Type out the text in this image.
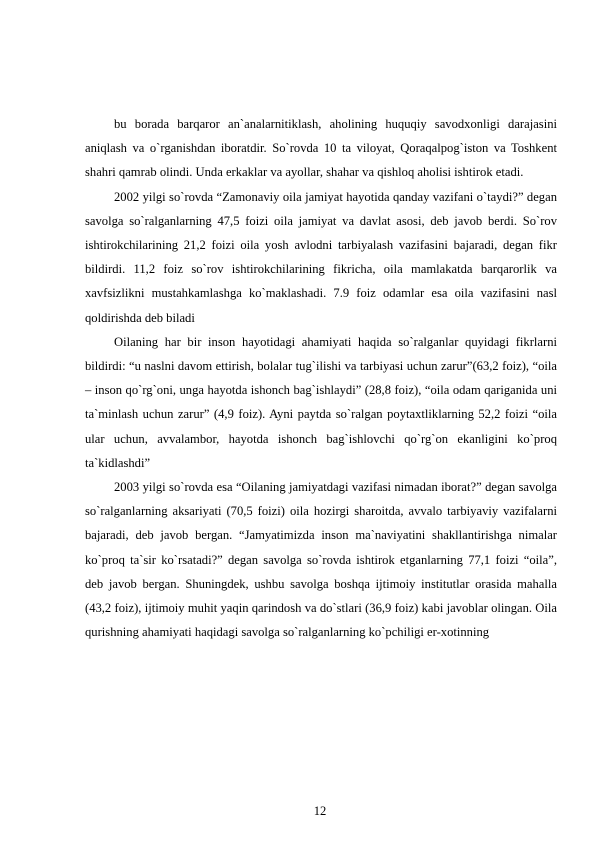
bu borada barqaror an`analarnitiklash, aholining huquqiy savodxonligi darajasini aniqlash va o`rganishdan iboratdir. So`rovda 10 ta viloyat, Qoraqalpog`iston va Toshkent shahri qamrab olindi. Unda erkaklar va ayollar, shahar va qishloq aholisi ishtirok etadi.

2002 yilgi so`rovda “Zamonaviy oila jamiyat hayotida qanday vazifani o`taydi?” degan savolga so`ralganlarning 47,5 foizi oila jamiyat va davlat asosi, deb javob berdi. So`rov ishtirokchilarining 21,2 foizi oila yosh avlodni tarbiyalash vazifasini bajaradi, degan fikr bildirdi. 11,2 foiz so`rov ishtirokchilarining fikricha, oila mamlakatda barqarorlik va xavfsizlikni mustahkamlashga ko`maklashadi. 7.9 foiz odamlar esa oila vazifasini nasl qoldirishda deb biladi

Oilaning har bir inson hayotidagi ahamiyati haqida so`ralganlar quyidagi fikrlarni bildirdi: “u naslni davom ettirish, bolalar tug`ilishi va tarbiyasi uchun zarur”(63,2 foiz), “oila – inson qo`rg`oni, unga hayotda ishonch bag`ishlaydi” (28,8 foiz), “oila odam qariganida uni ta`minlash uchun zarur” (4,9 foiz). Ayni paytda so`ralgan poytaxtliklarning 52,2 foizi “oila ular uchun, avvalambor, hayotda ishonch bag`ishlovchi qo`rg`on ekanligini ko`proq ta`kidlashdi”

2003 yilgi so`rovda esa “Oilaning jamiyatdagi vazifasi nimadan iborat?” degan savolga so`ralganlarning aksariyati (70,5 foizi) oila hozirgi sharoitda, avvalo tarbiyaviy vazifalarni bajaradi, deb javob bergan. “Jamyatimizda inson ma`naviyatini shakllantirishga nimalar ko`proq ta`sir ko`rsatadi?” degan savolga so`rovda ishtirok etganlarning 77,1 foizi “oila”, deb javob bergan. Shuningdek, ushbu savolga boshqa ijtimoiy institutlar orasida mahalla (43,2 foiz), ijtimoiy muhit yaqin qarindosh va do`stlari (36,9 foiz) kabi javoblar olingan. Oila qurishning ahamiyati haqidagi savolga so`ralganlarning ko`pchiligi er-xotinning

12
